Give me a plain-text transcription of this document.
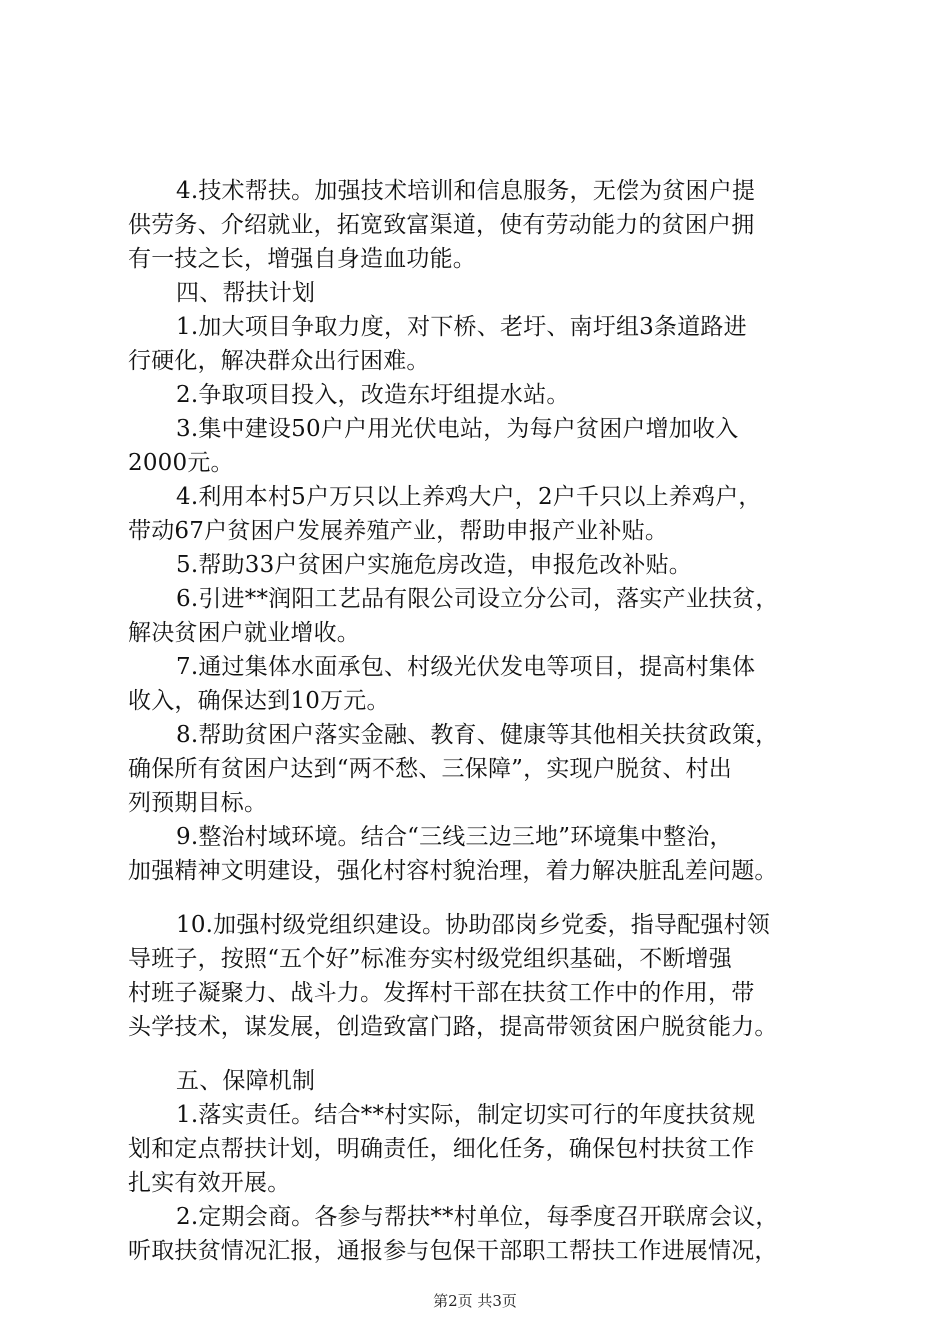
4.技术帮扶。加强技术培训和信息服务，无偿为贫困户提
供劳务、介绍就业，拓宽致富渠道，使有劳动能力的贫困户拥
有一技之长，增强自身造血功能。
四、帮扶计划
1.加大项目争取力度，对下桥、老圩、南圩组3条道路进
行硬化，解决群众出行困难。
2.争取项目投入，改造东圩组提水站。
3.集中建设50户户用光伏电站，为每户贫困户增加收入
2000元。
4.利用本村5户万只以上养鸡大户，2户千只以上养鸡户，
带动67户贫困户发展养殖产业，帮助申报产业补贴。
5.帮助33户贫困户实施危房改造，申报危改补贴。
6.引进**润阳工艺品有限公司设立分公司，落实产业扶贫，
解决贫困户就业增收。
7.通过集体水面承包、村级光伏发电等项目，提高村集体
收入，确保达到10万元。
8.帮助贫困户落实金融、教育、健康等其他相关扶贫政策，
确保所有贫困户达到“两不愁、三保障”，实现户脱贫、村出
列预期目标。
9.整治村域环境。结合“三线三边三地”环境集中整治，
加强精神文明建设，强化村容村貌治理，着力解决脏乱差问题。
10.加强村级党组织建设。协助邵岗乡党委，指导配强村领
导班子，按照“五个好”标准夯实村级党组织基础，不断增强
村班子凝聚力、战斗力。发挥村干部在扶贫工作中的作用，带
头学技术，谋发展，创造致富门路，提高带领贫困户脱贫能力。
五、保障机制
1.落实责任。结合**村实际，制定切实可行的年度扶贫规
划和定点帮扶计划，明确责任，细化任务，确保包村扶贫工作
扎实有效开展。
2.定期会商。各参与帮扶**村单位，每季度召开联席会议，
听取扶贫情况汇报，通报参与包保干部职工帮扶工作进展情况，
第2页 共3页
